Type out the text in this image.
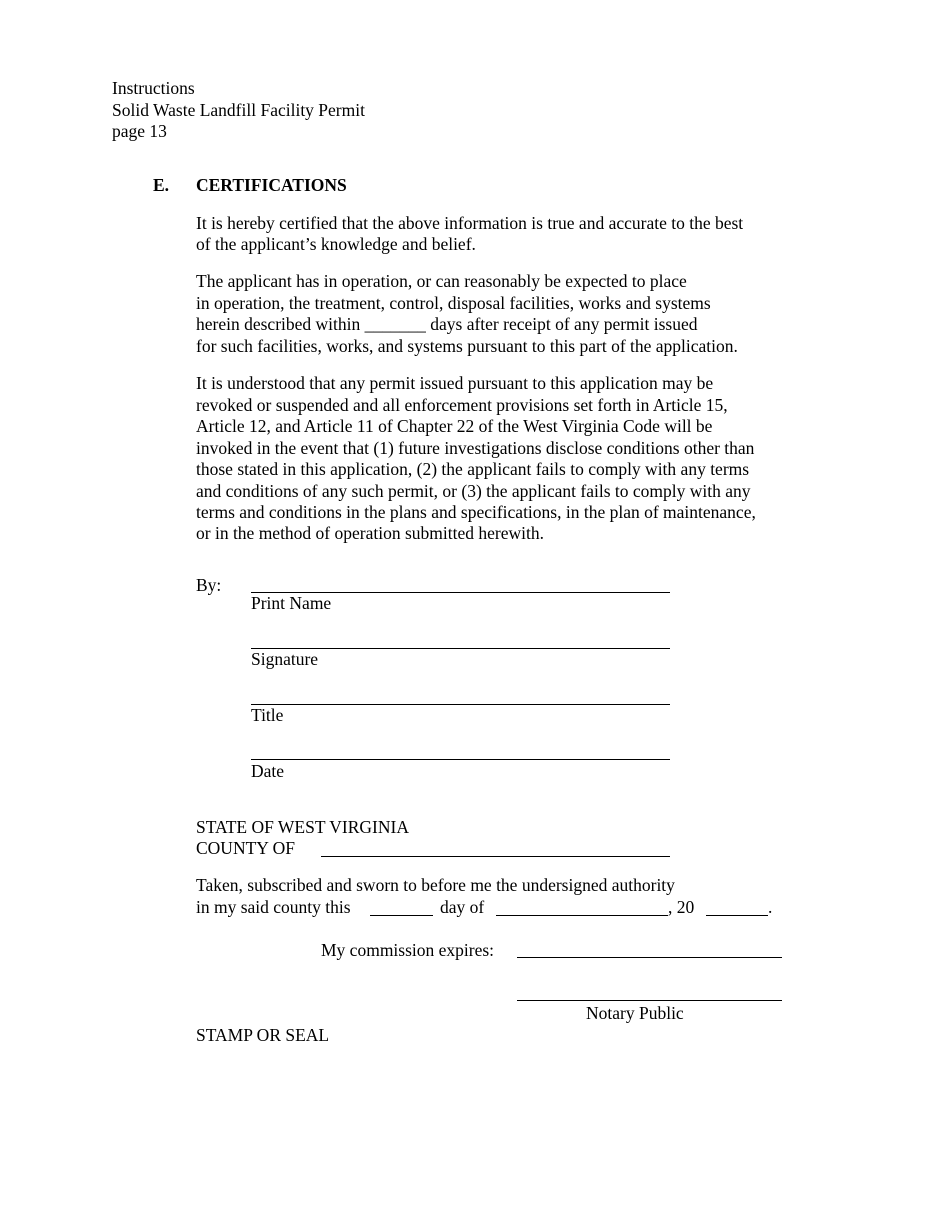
Instructions
Solid Waste Landfill Facility Permit
page 13
E. CERTIFICATIONS
It is hereby certified that the above information is true and accurate to the best
of the applicant’s knowledge and belief.
The applicant has in operation, or can reasonably be expected to place
in operation, the treatment, control, disposal facilities, works and systems
herein described within _______ days after receipt of any permit issued
for such facilities, works, and systems pursuant to this part of the application.
It is understood that any permit issued pursuant to this application may be
revoked or suspended and all enforcement provisions set forth in Article 15,
Article 12, and Article 11 of Chapter 22 of the West Virginia Code will be
invoked in the event that (1) future investigations disclose conditions other than
those stated in this application, (2) the applicant fails to comply with any terms
and conditions of any such permit, or (3) the applicant fails to comply with any
terms and conditions in the plans and specifications, in the plan of maintenance,
or in the method of operation submitted herewith.
By:
Print Name
Signature
Title
Date
STATE OF WEST VIRGINIA
COUNTY OF
Taken, subscribed and sworn to before me the undersigned authority
in my said county this	day of	, 20	.
My commission expires:
Notary Public
STAMP OR SEAL
